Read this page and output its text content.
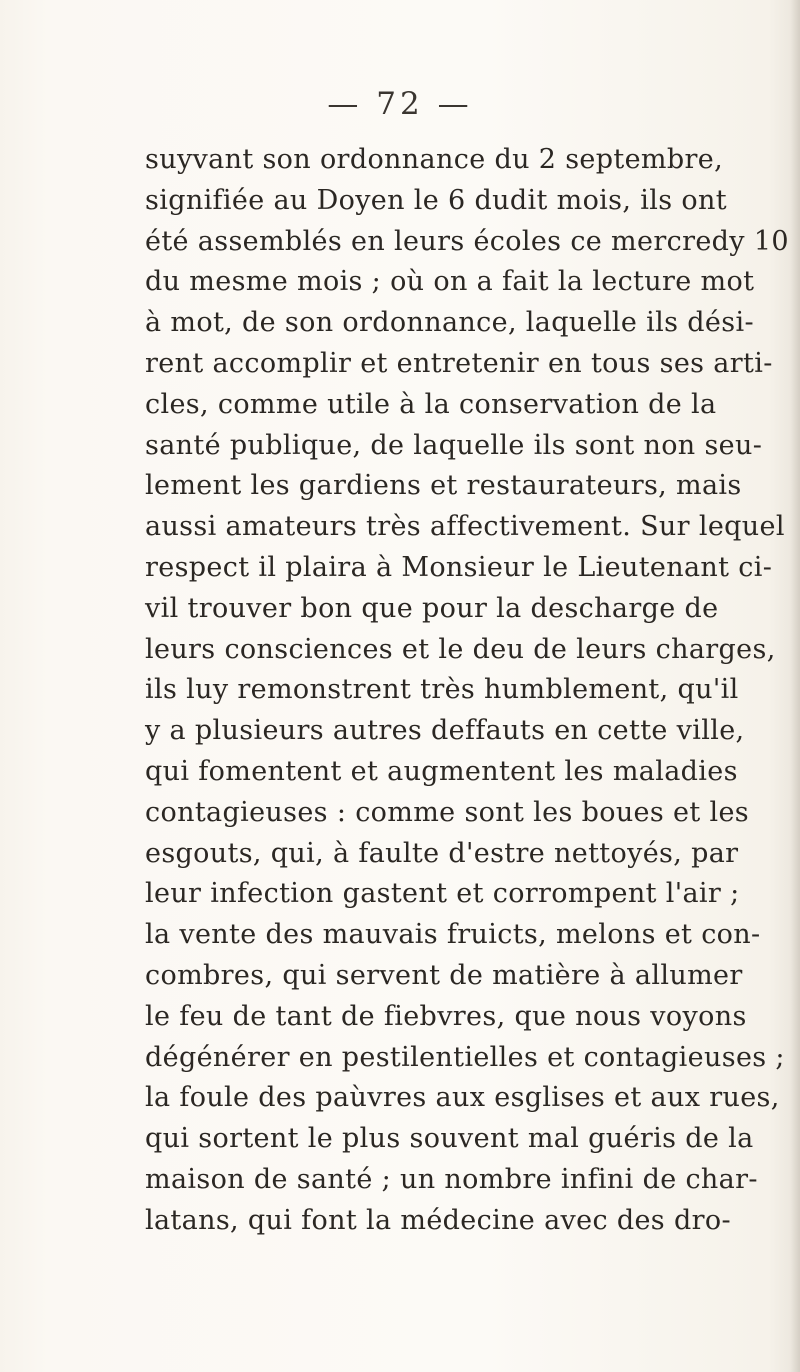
— 72 —
suyvant son ordonnance du 2 septembre,
signifiée au Doyen le 6 dudit mois, ils ont
été assemblés en leurs écoles ce mercredy 10
du mesme mois ; où on a fait la lecture mot
à mot, de son ordonnance, laquelle ils dési-
rent accomplir et entretenir en tous ses arti-
cles, comme utile à la conservation de la
santé publique, de laquelle ils sont non seu-
lement les gardiens et restaurateurs, mais
aussi amateurs très affectivement. Sur lequel
respect il plaira à Monsieur le Lieutenant ci-
vil trouver bon que pour la descharge de
leurs consciences et le deu de leurs charges,
ils luy remonstrent très humblement, qu'il
y a plusieurs autres deffauts en cette ville,
qui fomentent et augmentent les maladies
contagieuses : comme sont les boues et les
esgouts, qui, à faulte d'estre nettoyés, par
leur infection gastent et corrompent l'air ;
la vente des mauvais fruicts, melons et con-
combres, qui servent de matière à allumer
le feu de tant de fiebvres, que nous voyons
dégénérer en pestilentielles et contagieuses ;
la foule des paùvres aux esglises et aux rues,
qui sortent le plus souvent mal guéris de la
maison de santé ; un nombre infini de char-
latans, qui font la médecine avec des dro-
